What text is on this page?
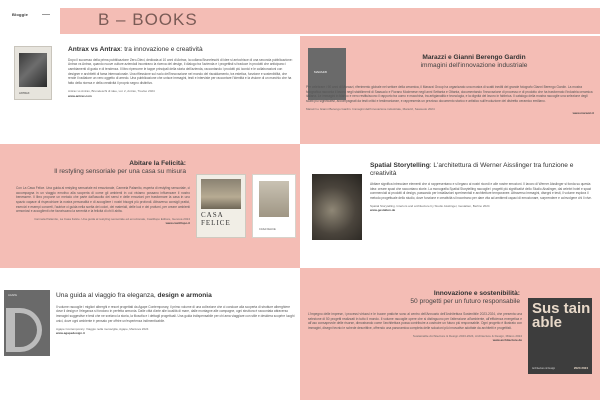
Bloggie	B – BOOKS
ANTRAX
Antrax vs Antrax: tra innovazione e creatività
Dopo il successo della prima pubblicazione Zero-Dieci, dedicata ai 10 anni di Antrax, la collana Bruneleschi di idee si arricchisce di una seconda pubblicazione: Antrax vs Antrax, quando nuove culture aziendali incontrano la ricerca del design, il dialogo tra l'azienda e i progettisti si traduce in prodotti che anticipano i cambiamenti di gusto e di tendenza. Il libro ripercorre le tappe principali della storia dell'azienda, raccontando i prodotti più iconici e le collaborazioni con designer e architetti di fama internazionale. Una riflessione sul ruolo dell'innovazione nel mondo del riscaldamento, tra estetica, funzione e sostenibilità, che rende il radiatore un vero oggetto di arredo. Una pubblicazione che unisce immagini, testi e interviste per raccontare l'identità e la visione di un marchio che ha fatto della ricerca e della creatività il proprio segno distintivo.
Antrax vs Antrax, Bruneleschi di idee, vol. 2, Antrax, Treviso 2024
www.antrax.com
MARAZZI
Marazzi e Gianni Berengo Gardin
immagini dell'innovazione industriale
Per celebrare i 90 anni di Marazzi, riferimento globale nel settore della ceramica, il Marazzi Group ha organizzato una mostra di scatti inediti del grande fotografo Gianni Berengo Gardin. La mostra fotografica racconta il lavoro negli stabilimenti di Sassuolo e Fiorano Modenese negli anni Settanta e Ottanta, documentando l'innovazione di processo e di prodotto che ha trasformato l'industria ceramica italiana. Le immagini in bianco e nero restituiscono il rapporto tra uomo e macchina, tra artigianalità e tecnologia, e la dignità del lavoro in fabbrica. Il catalogo della mostra raccoglie una selezione degli scatti più significativi, accompagnati da testi critici e testimonianze, e rappresenta un prezioso documento storico e artistico sull'evoluzione del distretto ceramico emiliano.
Marazzi e Gianni Berengo Gardin. Immagini dell'innovazione industriale, Marazzi, Sassuolo 2024
www.marazzi.it
Abitare la Felicità:
Il restyling sensoriale per una casa su misura
Con La Casa Felice. Una guida al restyling sensoriale ed emozionale, Carmela Palamito, esperta di restyling sensoriale, ci accompagna in un viaggio emotivo alla scoperta di come gli ambienti in cui viviamo possano influenzare il nostro benessere. Il libro propone un metodo che parte dall'ascolto dei sensi e delle emozioni per trasformare la casa in uno spazio capace di rispecchiare la nostra personalità e di accogliere i nostri bisogni più profondi. Attraverso consigli pratici, esercizi e esempi concreti, l'autrice ci guida nella scelta dei colori, dei materiali, delle luci e dei profumi, per creare ambienti armoniosi e accoglienti che favoriscano la serenità e la felicità di chi li abita.
Carmela Palamito, La Casa Felice. Una guida al restyling sensoriale ed emozionale, Castillopo Editore, Genova 2024
www.castillopo.it
CASA FELICE
CASA FELICE
Spatial Storytelling: L'architettura di Werner Aisslinger tra funzione e creatività
Abitare significa intrecciare elementi che ci rappresentano e si legano ai nostri ricordi e alle nostre emozioni. Il lavoro di Werner Aisslinger si fonda su questa idea: creare spazi che raccontano storie. La monografia Spatial Storytelling raccoglie i progetti più significativi dello Studio Aisslinger, dai celebri hotel e spazi commerciali ai prodotti di design, passando per installazioni sperimentali e architetture temporanee. Attraverso immagini, disegni e testi, il volume esplora il metodo progettuale dello studio, dove funzione e creatività si incontrano per dare vita ad ambienti capaci di emozionare, sorprendere e coinvolgere chi li vive.
Spatial Storytelling. Interiors and architecture by Studio Aisslinger, Gestalten, Berlino 2024
www.gestalten.de
AGAPE	Una guida al viaggio fra eleganza, design e armonia
Il volume raccoglie i migliori alberghi e resort progettati da Agape Contemporary, il primo volume di una collezione che ci conduce alla scoperta di strutture alberghiere dove il design e l'eleganza si fondono in perfetta armonia. Dalle città d'arte alle località di mare, dalle montagne alle campagne, ogni struttura è raccontata attraverso immagini suggestive e testi che ne svelano la storia, la filosofia e i dettagli progettuali. Una guida indispensabile per chi ama viaggiare con stile e desidera scoprire luoghi unici, dove ogni ambiente è pensato per offrire un'esperienza indimenticabile.
Agape Contemporary. Viaggio nella meraviglia, Agape, Mantova 2024
www.agapedesign.it
Innovazione e sostenibilità:
50 progetti per un futuro responsabile
L'impegno delle imprese, i processi virtuosi e le buone pratiche sono al centro dell'Annuario dell'Architettura Sostenibile 2023-2024, che presenta una selezione di 50 progetti realizzati in tutto il mondo. Il volume raccoglie opere che si distinguono per l'attenzione all'ambiente, all'efficienza energetica e all'uso consapevole delle risorse, dimostrando come l'architettura possa contribuire a costruire un futuro più responsabile. Ogni progetto è illustrato con immagini, disegni tecnici e schede descrittive, offrendo una panoramica completa delle soluzioni più innovative adottate da architetti e progettisti.
Sustainable Architecture & Design 2023-2024, Architecture & Design, Milano 2024
www.architecture.de
Sus tain able
Architecture & Design	2023 2024
